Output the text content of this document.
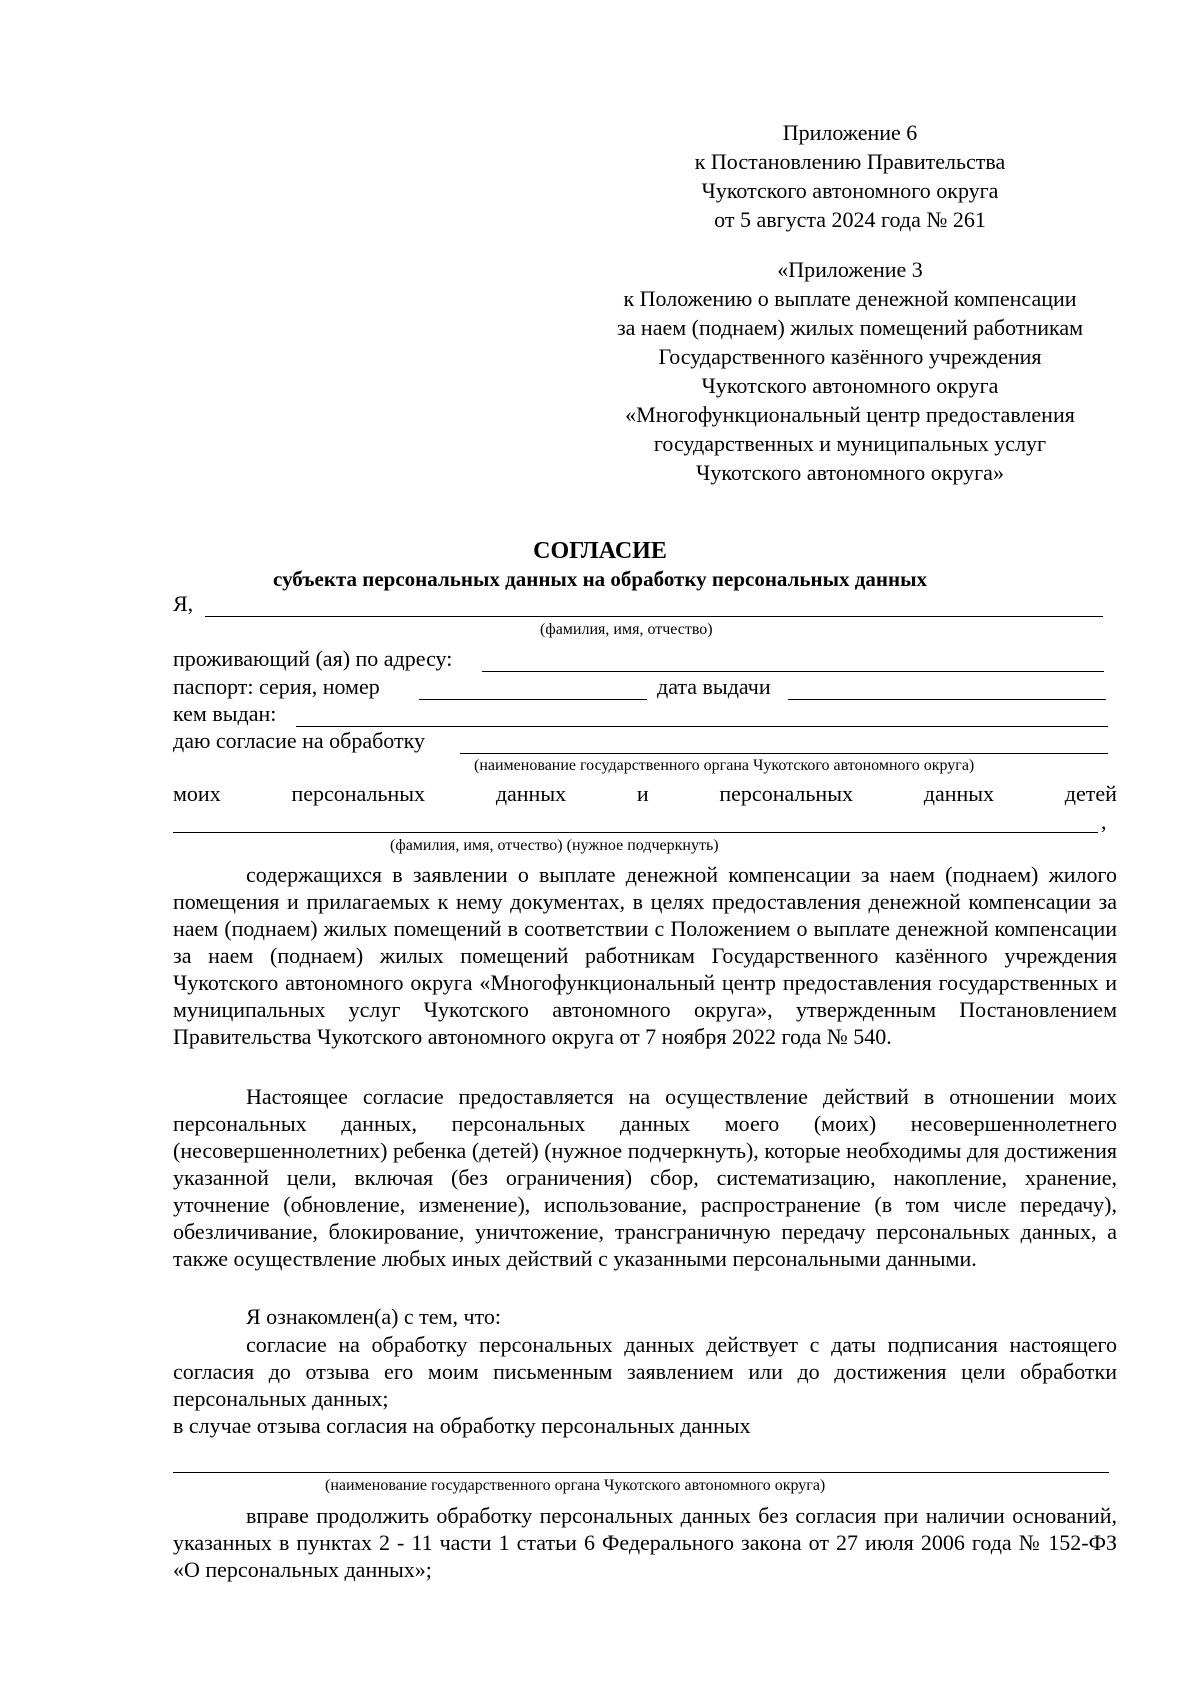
Приложение 6
к Постановлению Правительства
Чукотского автономного округа
от 5 августа 2024 года № 261
«Приложение 3
к Положению о выплате денежной компенсации
за наем (поднаем) жилых помещений работникам
Государственного казённого учреждения
Чукотского автономного округа
«Многофункциональный центр предоставления
государственных и муниципальных услуг
Чукотского автономного округа»
СОГЛАСИЕ
субъекта персональных данных на обработку персональных данных
Я,
(фамилия, имя, отчество)
проживающий (ая) по адресу:
паспорт: серия, номер	дата выдачи
кем выдан:
даю согласие на обработку
(наименование государственного органа Чукотского автономного округа)
моих	персональных	данных	и	персональных	данных	детей
,
(фамилия, имя, отчество) (нужное подчеркнуть)

содержащихся в заявлении о выплате денежной компенсации за наем (поднаем) жилого помещения и прилагаемых к нему документах, в целях предоставления денежной компенсации за наем (поднаем) жилых помещений в соответствии с Положением о выплате денежной компенсации за наем (поднаем) жилых помещений работникам Государственного казённого учреждения Чукотского автономного округа «Многофункциональный центр предоставления государственных и муниципальных услуг Чукотского автономного округа», утвержденным Постановлением Правительства Чукотского автономного округа от 7 ноября 2022 года № 540.

Настоящее согласие предоставляется на осуществление действий в отношении моих персональных данных, персональных данных моего (моих) несовершеннолетнего (несовершеннолетних) ребенка (детей) (нужное подчеркнуть), которые необходимы для достижения указанной цели, включая (без ограничения) сбор, систематизацию, накопление, хранение, уточнение (обновление, изменение), использование, распространение (в том числе передачу), обезличивание, блокирование, уничтожение, трансграничную передачу персональных данных, а также осуществление любых иных действий с указанными персональными данными.

Я ознакомлен(а) с тем, что:

согласие на обработку персональных данных действует с даты подписания настоящего согласия до отзыва его моим письменным заявлением или до достижения цели обработки персональных данных;

в случае отзыва согласия на обработку персональных данных

(наименование государственного органа Чукотского автономного округа)

вправе продолжить обработку персональных данных без согласия при наличии оснований, указанных в пунктах 2 - 11 части 1 статьи 6 Федерального закона от 27 июля 2006 года № 152-ФЗ «О персональных данных»;
